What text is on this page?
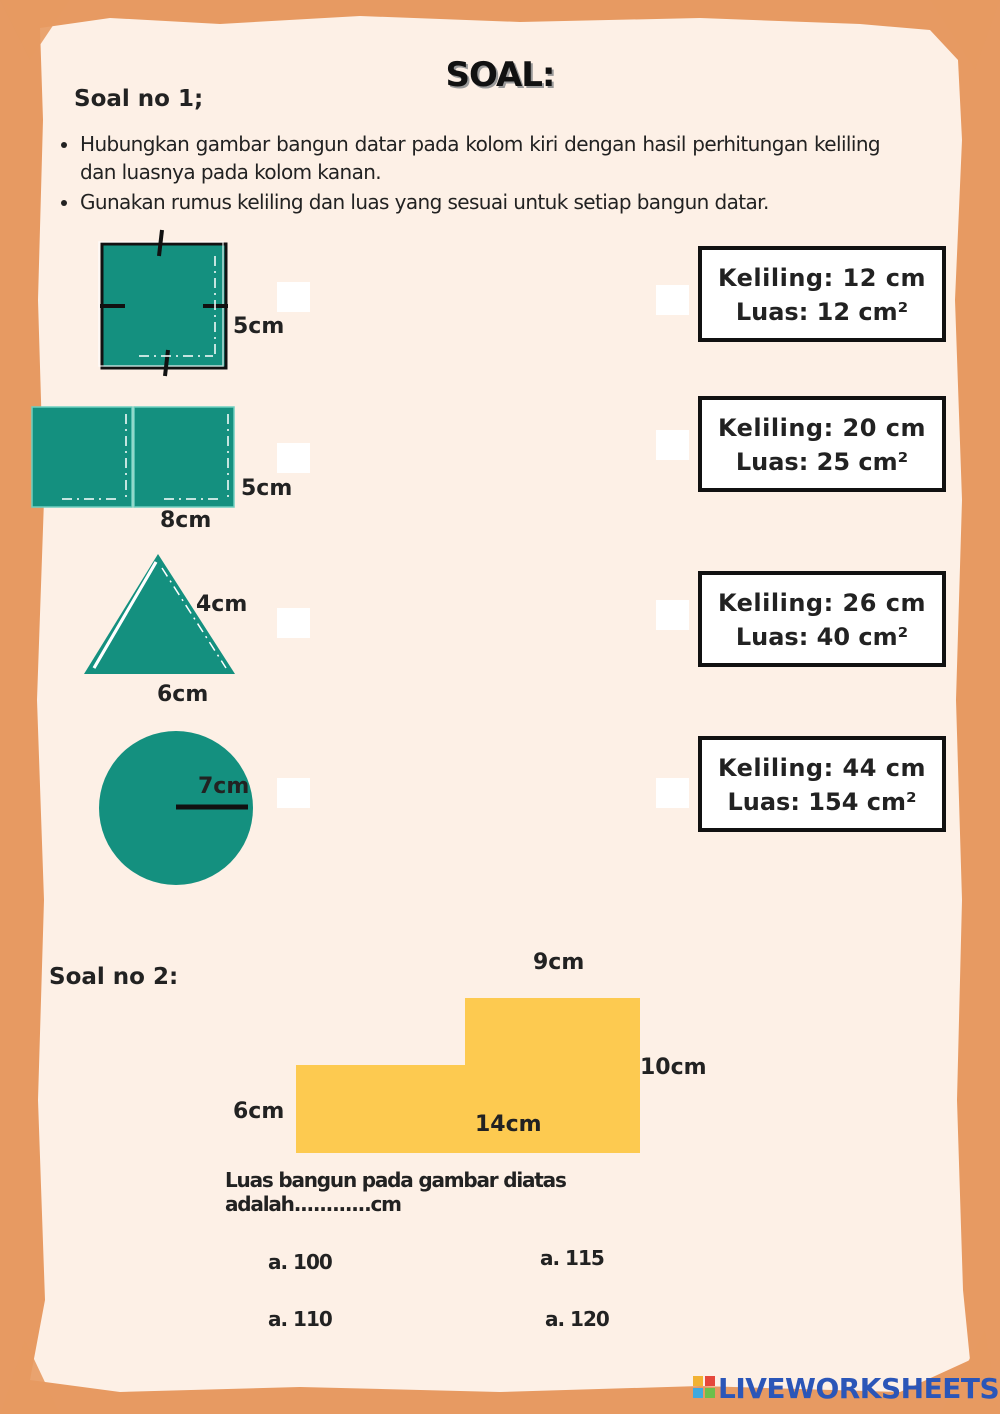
SOAL:
Soal no 1;
• Hubungkan gambar bangun datar pada kolom kiri dengan hasil perhitungan keliling dan luasnya pada kolom kanan.
• Gunakan rumus keliling dan luas yang sesuai untuk setiap bangun datar.
5cm
5cm
8cm
4cm
6cm
7cm
Keliling: 12 cm
Luas: 12 cm²
Keliling: 20 cm
Luas: 25 cm²
Keliling: 26 cm
Luas: 40 cm²
Keliling: 44 cm
Luas: 154 cm²
Soal no 2:
9cm
10cm
6cm
14cm
Luas bangun pada gambar diatas adalah............cm
a. 100	a. 115
a. 110	a. 120
LIVEWORKSHEETS
